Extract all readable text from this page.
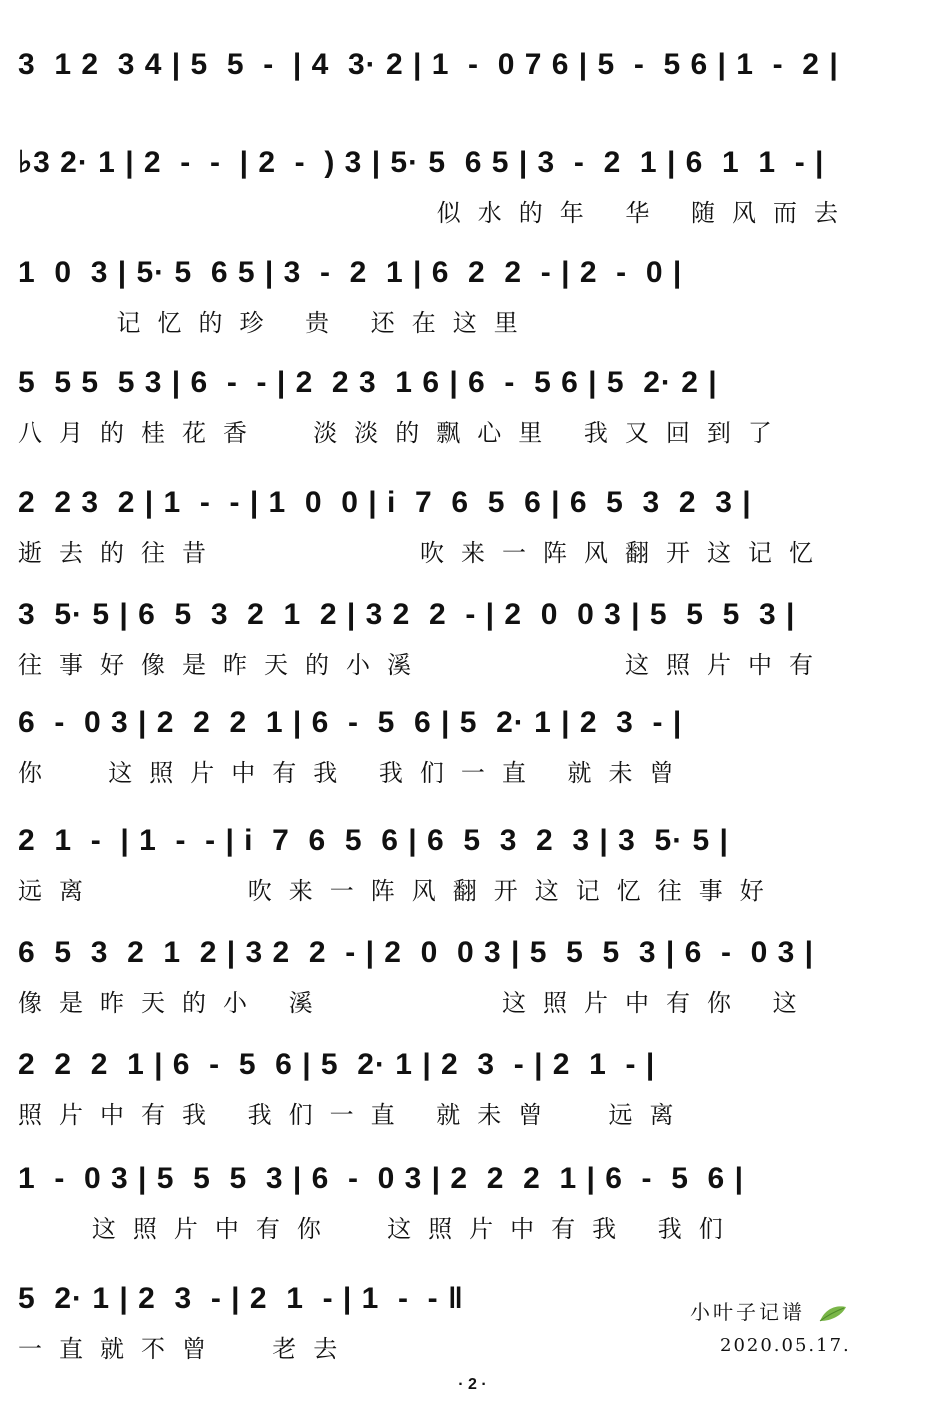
3  1 2  3 4 | 5  5  -  | 4  3· 2 | 1  -  0 7 6 | 5  -  5 6 | 1  -  2 |
♭3 2· 1 | 2  -  -  | 2  -  ) 3 | 5· 5  6 5 | 3  -  2  1 | 6  1  1  - |
似水的年 华 随风而去
1  0  3 | 5· 5  6 5 | 3  -  2  1 | 6  2  2  - | 2  -  0 |
记忆的珍 贵 还在这里
5  5 5  5 3 | 6  -  - | 2  2 3  1 6 | 6  -  5 6 | 5  2· 2 |
八月的桂花香  淡淡的飘心里 我又回到了
2  2 3  2 | 1  -  - | 1  0  0 | i  7  6  5  6 | 6  5  3  2  3 |
逝去的往昔        吹来一阵风翻开这记忆
3  5· 5 | 6  5  3  2  1  2 | 3 2  2  - | 2  0  0 3 | 5  5  5  3 |
往事好像是昨天的小溪        这照片中有
6  -  0 3 | 2  2  2  1 | 6  -  5  6 | 5  2· 1 | 2  3  - |
你  这照片中有我 我们一直 就未曾
2  1  -  | 1  -  - | i  7  6  5  6 | 6  5  3  2  3 | 3  5· 5 |
远离      吹来一阵风翻开这记忆往事好
6  5  3  2  1  2 | 3 2  2  - | 2  0  0 3 | 5  5  5  3 | 6  -  0 3 |
像是昨天的小 溪       这照片中有你 这
2  2  2  1 | 6  -  5  6 | 5  2· 1 | 2  3  - | 2  1  - |
照片中有我 我们一直 就未曾  远离
1  -  0 3 | 5  5  5  3 | 6  -  0 3 | 2  2  2  1 | 6  -  5  6 |
这照片中有你  这照片中有我 我们
5  2· 1 | 2  3  - | 2  1  - | 1  -  - ‖
一直就不曾  老去
小叶子记谱
2020.05.17.
· 2 ·
